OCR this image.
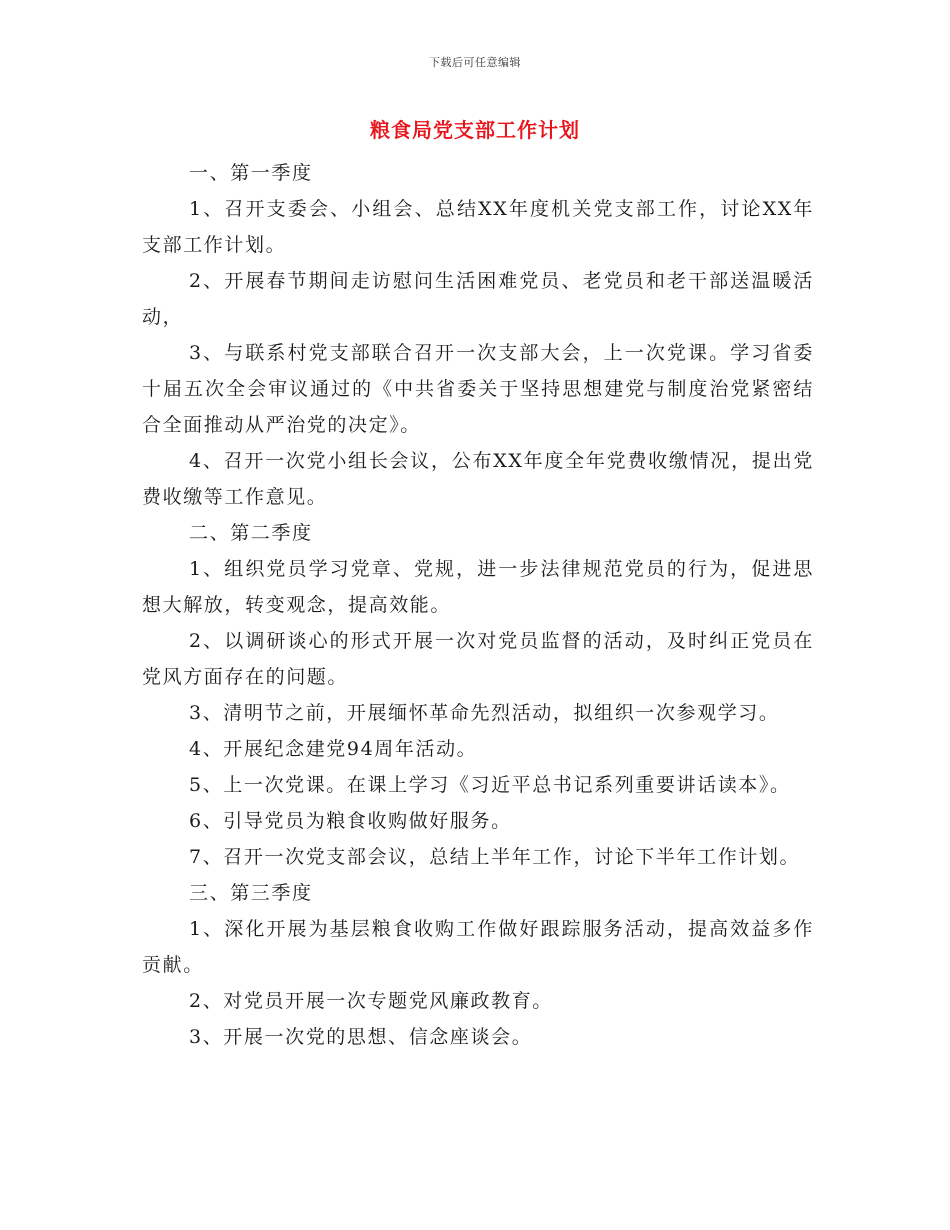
下载后可任意编辑
粮食局党支部工作计划

一、第一季度

1、召开支委会、小组会、总结XX年度机关党支部工作，讨论XX年支部工作计划。

2、开展春节期间走访慰问生活困难党员、老党员和老干部送温暖活动，

3、与联系村党支部联合召开一次支部大会，上一次党课。学习省委十届五次全会审议通过的《中共省委关于坚持思想建党与制度治党紧密结合全面推动从严治党的决定》。

4、召开一次党小组长会议，公布XX年度全年党费收缴情况，提出党费收缴等工作意见。

二、第二季度

1、组织党员学习党章、党规，进一步法律规范党员的行为，促进思想大解放，转变观念，提高效能。

2、以调研谈心的形式开展一次对党员监督的活动，及时纠正党员在党风方面存在的问题。

3、清明节之前，开展缅怀革命先烈活动，拟组织一次参观学习。

4、开展纪念建党94周年活动。

5、上一次党课。在课上学习《习近平总书记系列重要讲话读本》。

6、引导党员为粮食收购做好服务。

7、召开一次党支部会议，总结上半年工作，讨论下半年工作计划。

三、第三季度

1、深化开展为基层粮食收购工作做好跟踪服务活动，提高效益多作贡献。

2、对党员开展一次专题党风廉政教育。

3、开展一次党的思想、信念座谈会。
